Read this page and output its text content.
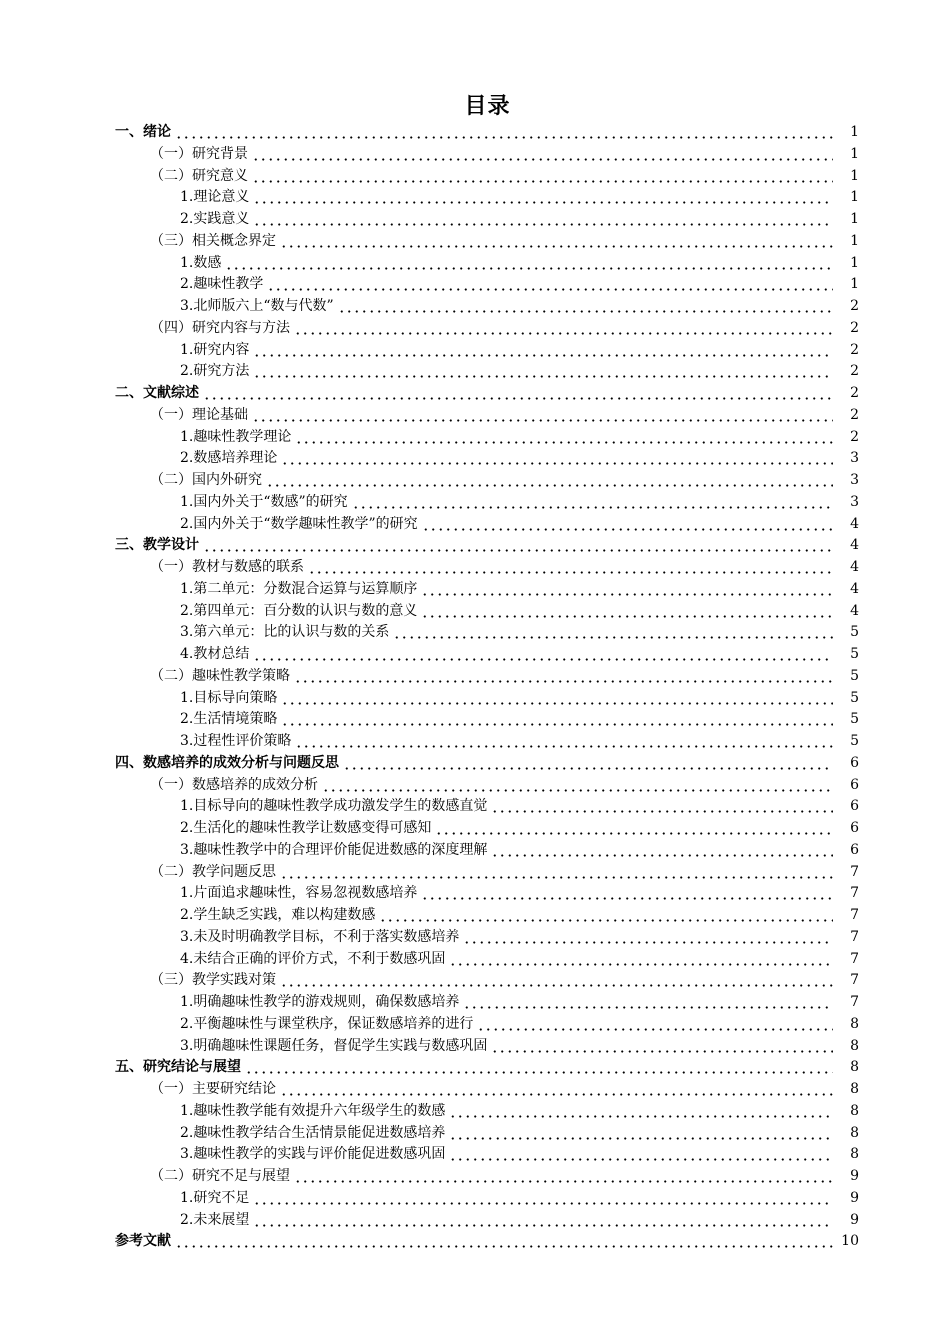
目录
一、绪论	1
（一）研究背景	1
（二）研究意义	1
1.理论意义	1
2.实践意义	1
（三）相关概念界定	1
1.数感	1
2.趣味性教学	1
3.北师版六上“数与代数”	2
（四）研究内容与方法	2
1.研究内容	2
2.研究方法	2
二、文献综述	2
（一）理论基础	2
1.趣味性教学理论	2
2.数感培养理论	3
（二）国内外研究	3
1.国内外关于“数感”的研究	3
2.国内外关于“数学趣味性教学”的研究	4
三、教学设计	4
（一）教材与数感的联系	4
1.第二单元：分数混合运算与运算顺序	4
2.第四单元：百分数的认识与数的意义	4
3.第六单元：比的认识与数的关系	5
4.教材总结	5
（二）趣味性教学策略	5
1.目标导向策略	5
2.生活情境策略	5
3.过程性评价策略	5
四、数感培养的成效分析与问题反思	6
（一）数感培养的成效分析	6
1.目标导向的趣味性教学成功激发学生的数感直觉	6
2.生活化的趣味性教学让数感变得可感知	6
3.趣味性教学中的合理评价能促进数感的深度理解	6
（二）教学问题反思	7
1.片面追求趣味性，容易忽视数感培养	7
2.学生缺乏实践，难以构建数感	7
3.未及时明确教学目标，不利于落实数感培养	7
4.未结合正确的评价方式，不利于数感巩固	7
（三）教学实践对策	7
1.明确趣味性教学的游戏规则，确保数感培养	7
2.平衡趣味性与课堂秩序，保证数感培养的进行	8
3.明确趣味性课题任务，督促学生实践与数感巩固	8
五、研究结论与展望	8
（一）主要研究结论	8
1.趣味性教学能有效提升六年级学生的数感	8
2.趣味性教学结合生活情景能促进数感培养	8
3.趣味性教学的实践与评价能促进数感巩固	8
（二）研究不足与展望	9
1.研究不足	9
2.未来展望	9
参考文献	10
